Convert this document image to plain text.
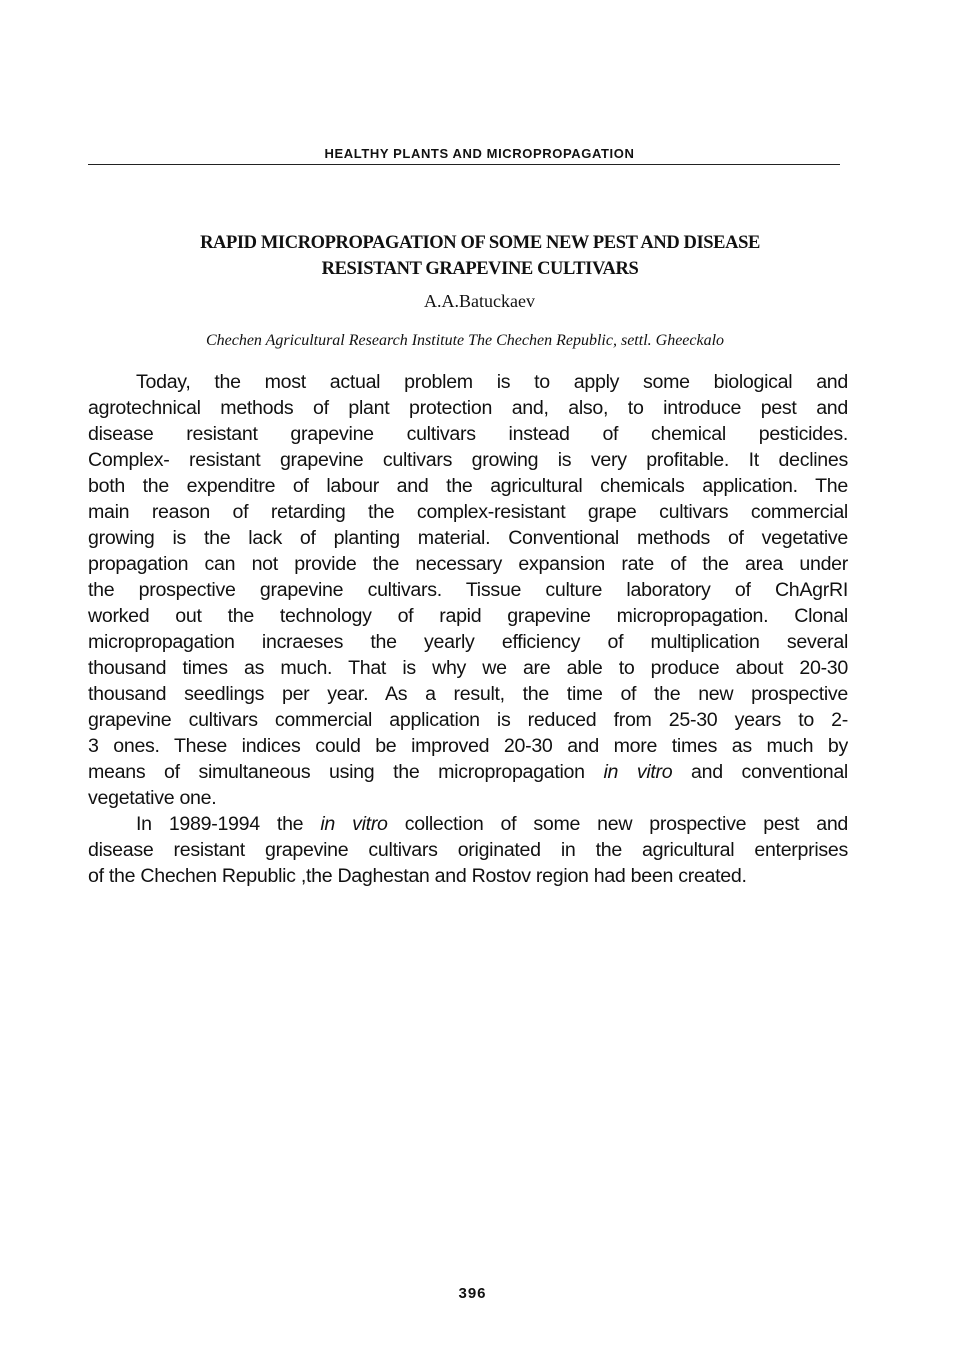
HEALTHY PLANTS AND MICROPROPAGATION
RAPID MICROPROPAGATION OF SOME NEW PEST AND DISEASE
RESISTANT GRAPEVINE CULTIVARS
A.A.Batuckaev
Chechen Agricultural Research Institute The Chechen Republic, settl. Gheeckalo
Today, the most actual problem is to apply some biological and
agrotechnical methods of plant protection and, also, to introduce pest and
disease resistant grapevine cultivars instead of chemical pesticides.
Complex- resistant grapevine cultivars growing is very profitable. It declines
both the expenditre of labour and the agricultural chemicals application. The
main reason of retarding the complex-resistant grape cultivars commercial
growing is the lack of planting material. Conventional methods of vegetative
propagation can not provide the necessary expansion rate of the area under
the prospective grapevine cultivars. Tissue culture laboratory of ChAgrRI
worked out the technology of rapid grapevine micropropagation. Clonal
micropropagation incraeses the yearly efficiency of multiplication several
thousand times as much. That is why we are able to produce about 20-30
thousand seedlings per year. As a result, the time of the new prospective
grapevine cultivars commercial application is reduced from 25-30 years to 2-
3 ones. These indices could be improved 20-30 and more times as much by
means of simultaneous using the micropropagation in vitro and conventional
vegetative one.
In 1989-1994 the in vitro collection of some new prospective pest and
disease resistant grapevine cultivars originated in the agricultural enterprises
of the Chechen Republic ,the Daghestan and Rostov region had been created.
396
